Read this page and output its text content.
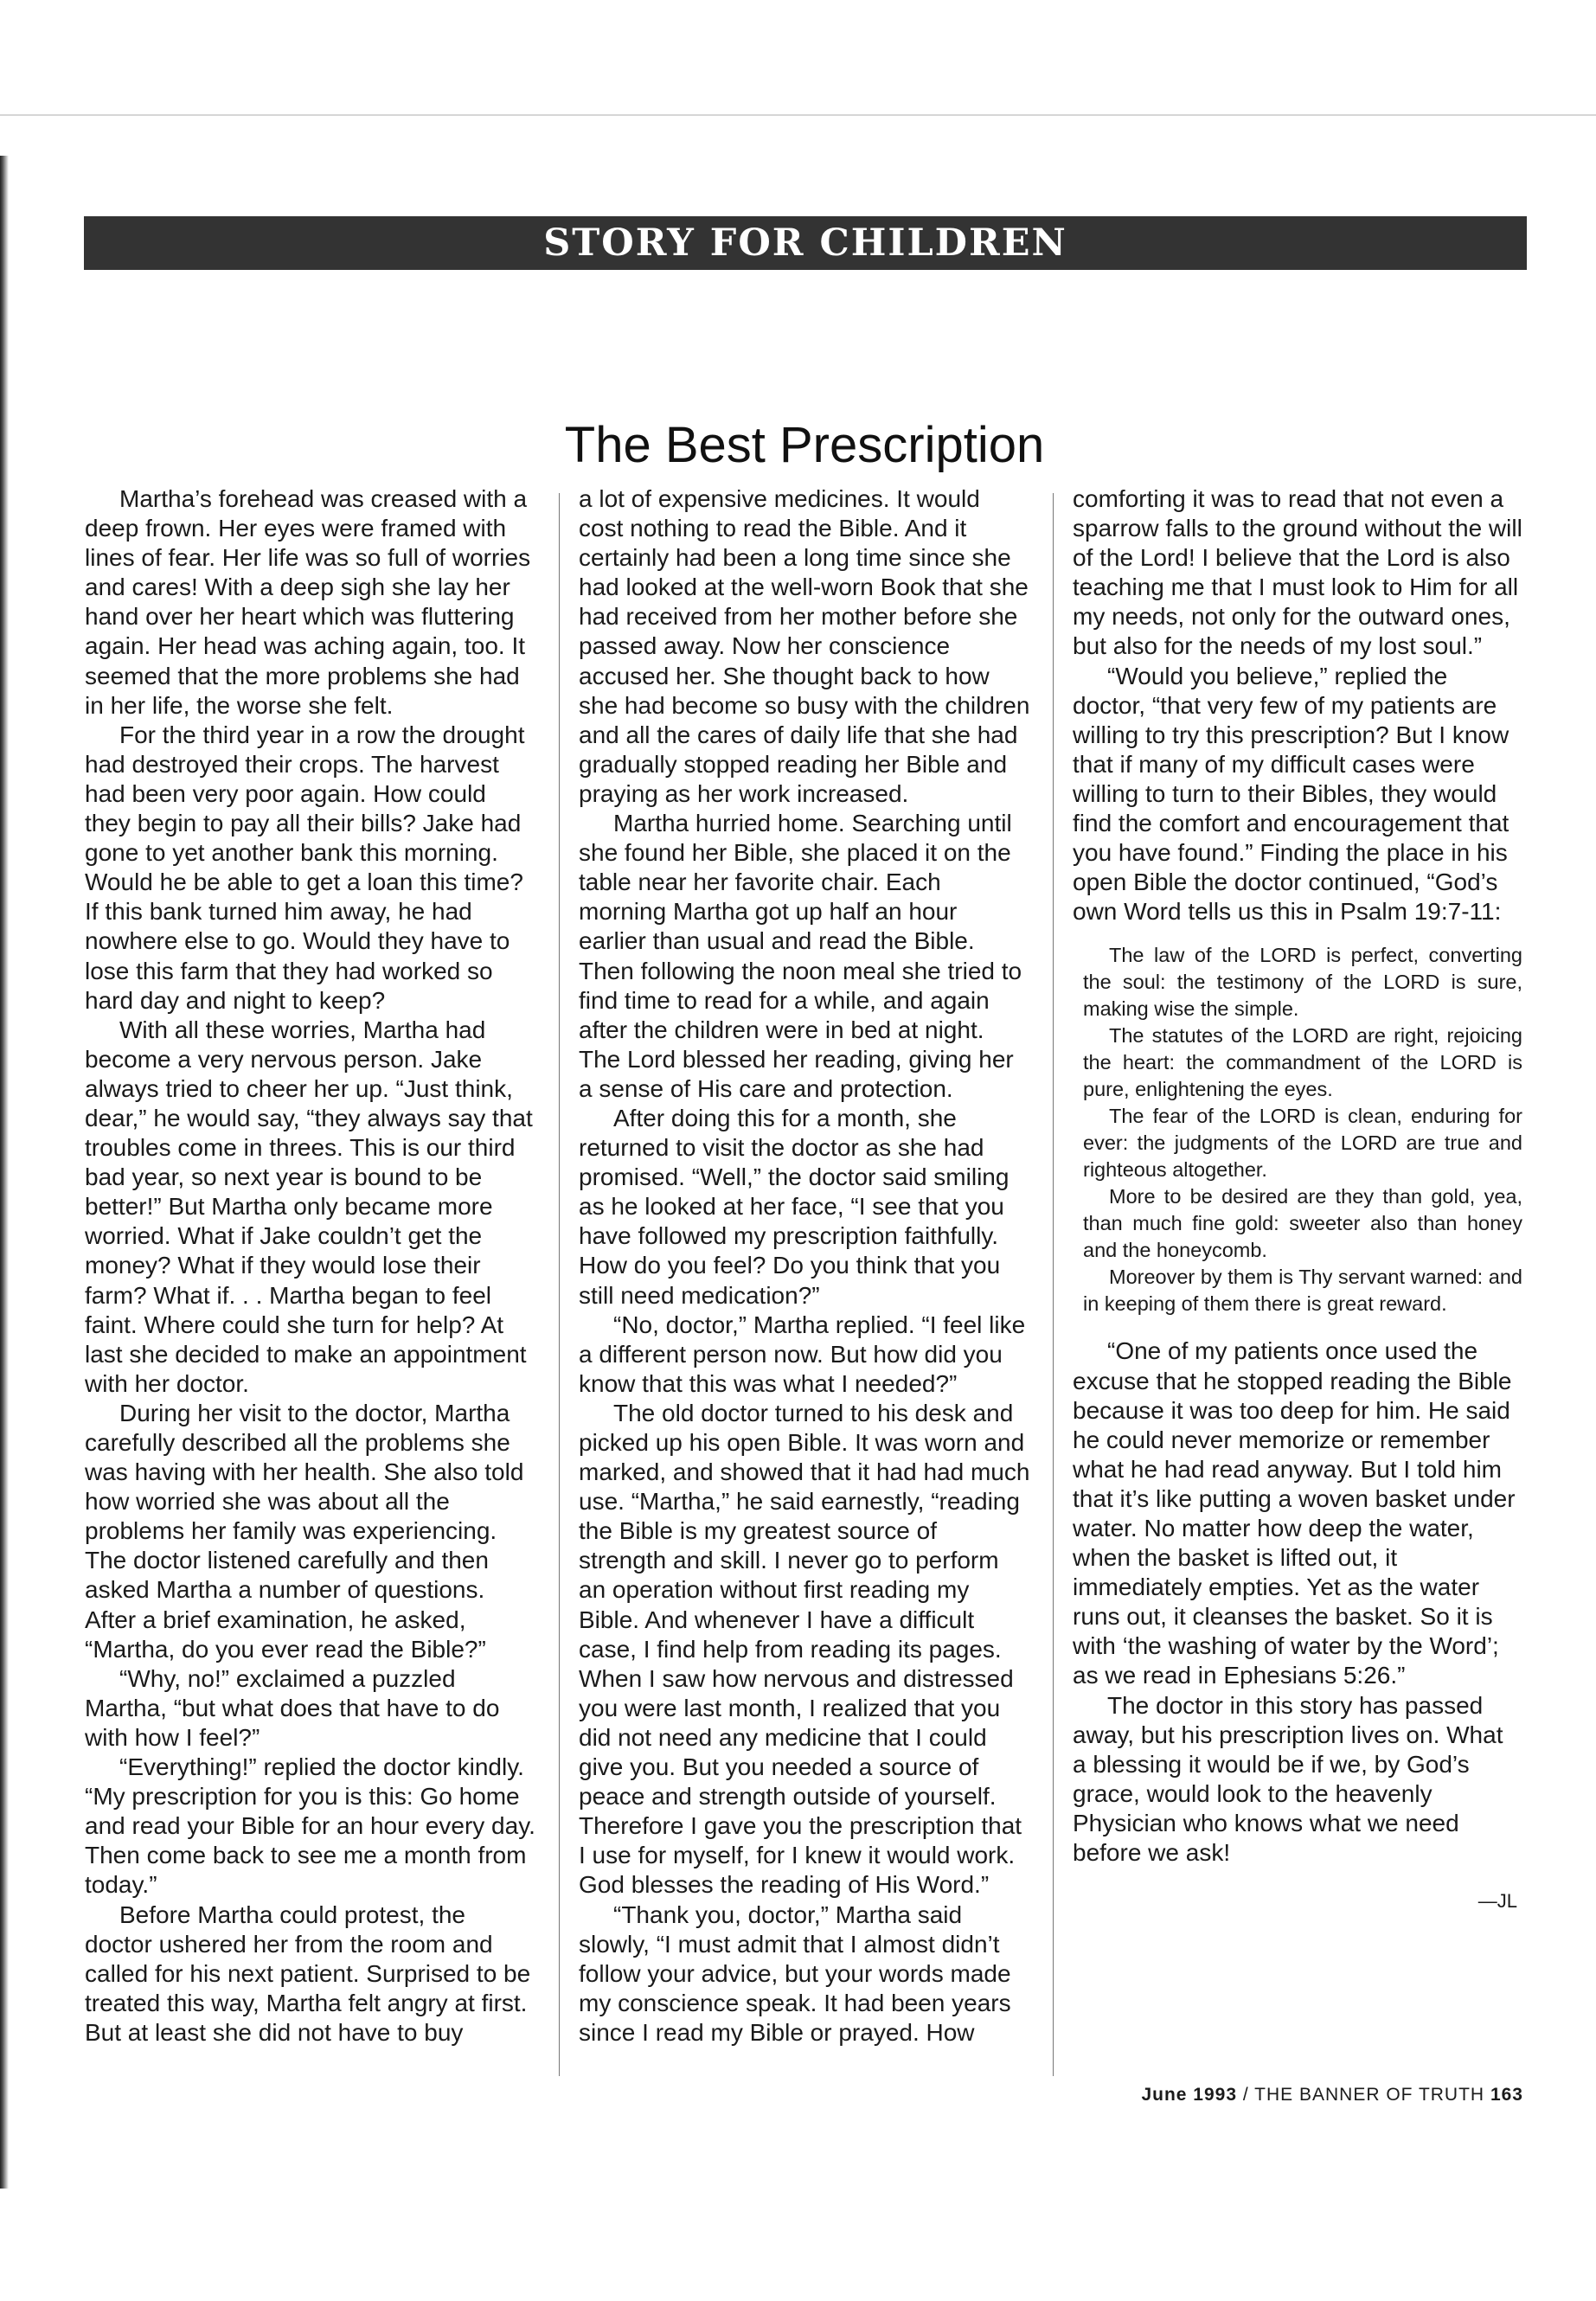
STORY FOR CHILDREN
The Best Prescription

Martha’s forehead was creased with a deep frown. Her eyes were framed with lines of fear. Her life was so full of worries and cares! With a deep sigh she lay her hand over her heart which was fluttering again. Her head was aching again, too. It seemed that the more problems she had in her life, the worse she felt.

For the third year in a row the drought had destroyed their crops. The harvest had been very poor again. How could they begin to pay all their bills? Jake had gone to yet another bank this morning. Would he be able to get a loan this time? If this bank turned him away, he had nowhere else to go. Would they have to lose this farm that they had worked so hard day and night to keep?

With all these worries, Martha had become a very nervous person. Jake always tried to cheer her up. “Just think, dear,” he would say, “they always say that troubles come in threes. This is our third bad year, so next year is bound to be better!” But Martha only became more worried. What if Jake couldn’t get the money? What if they would lose their farm? What if. . . Martha began to feel faint. Where could she turn for help? At last she decided to make an appointment with her doctor.

During her visit to the doctor, Martha carefully described all the problems she was having with her health. She also told how worried she was about all the problems her family was experiencing. The doctor listened carefully and then asked Martha a number of questions. After a brief examination, he asked, “Martha, do you ever read the Bible?”

“Why, no!” exclaimed a puzzled Martha, “but what does that have to do with how I feel?”

“Everything!” replied the doctor kindly. “My prescription for you is this: Go home and read your Bible for an hour every day. Then come back to see me a month from today.”

Before Martha could protest, the doctor ushered her from the room and called for his next patient. Surprised to be treated this way, Martha felt angry at first. But at least she did not have to buy

a lot of expensive medicines. It would cost nothing to read the Bible. And it certainly had been a long time since she had looked at the well-worn Book that she had received from her mother before she passed away. Now her conscience accused her. She thought back to how she had become so busy with the children and all the cares of daily life that she had gradually stopped reading her Bible and praying as her work increased.

Martha hurried home. Searching until she found her Bible, she placed it on the table near her favorite chair. Each morning Martha got up half an hour earlier than usual and read the Bible. Then following the noon meal she tried to find time to read for a while, and again after the children were in bed at night. The Lord blessed her reading, giving her a sense of His care and protection.

After doing this for a month, she returned to visit the doctor as she had promised. “Well,” the doctor said smiling as he looked at her face, “I see that you have followed my prescription faithfully. How do you feel? Do you think that you still need medication?”

“No, doctor,” Martha replied. “I feel like a different person now. But how did you know that this was what I needed?”

The old doctor turned to his desk and picked up his open Bible. It was worn and marked, and showed that it had had much use. “Martha,” he said earnestly, “reading the Bible is my greatest source of strength and skill. I never go to perform an operation without first reading my Bible. And whenever I have a difficult case, I find help from reading its pages. When I saw how nervous and distressed you were last month, I realized that you did not need any medicine that I could give you. But you needed a source of peace and strength outside of yourself. Therefore I gave you the prescription that I use for myself, for I knew it would work. God blesses the reading of His Word.”

“Thank you, doctor,” Martha said slowly, “I must admit that I almost didn’t follow your advice, but your words made my conscience speak. It had been years since I read my Bible or prayed. How

comforting it was to read that not even a sparrow falls to the ground without the will of the Lord! I believe that the Lord is also teaching me that I must look to Him for all my needs, not only for the outward ones, but also for the needs of my lost soul.”

“Would you believe,” replied the doctor, “that very few of my patients are willing to try this prescription? But I know that if many of my difficult cases were willing to turn to their Bibles, they would find the comfort and encouragement that you have found.” Finding the place in his open Bible the doctor continued, “God’s own Word tells us this in Psalm 19:7-11:

The law of the LORD is perfect, converting the soul: the testimony of the LORD is sure, making wise the simple.
The statutes of the LORD are right, rejoicing the heart: the commandment of the LORD is pure, enlightening the eyes.
The fear of the LORD is clean, enduring for ever: the judgments of the LORD are true and righteous altogether.
More to be desired are they than gold, yea, than much fine gold: sweeter also than honey and the honeycomb.
Moreover by them is Thy servant warned: and in keeping of them there is great reward.

“One of my patients once used the excuse that he stopped reading the Bible because it was too deep for him. He said he could never memorize or remember what he had read anyway. But I told him that it’s like putting a woven basket under water. No matter how deep the water, when the basket is lifted out, it immediately empties. Yet as the water runs out, it cleanses the basket. So it is with ‘the washing of water by the Word’; as we read in Ephesians 5:26.”

The doctor in this story has passed away, but his prescription lives on. What a blessing it would be if we, by God’s grace, would look to the heavenly Physician who knows what we need before we ask!

—JL
June 1993 / THE BANNER OF TRUTH 163
